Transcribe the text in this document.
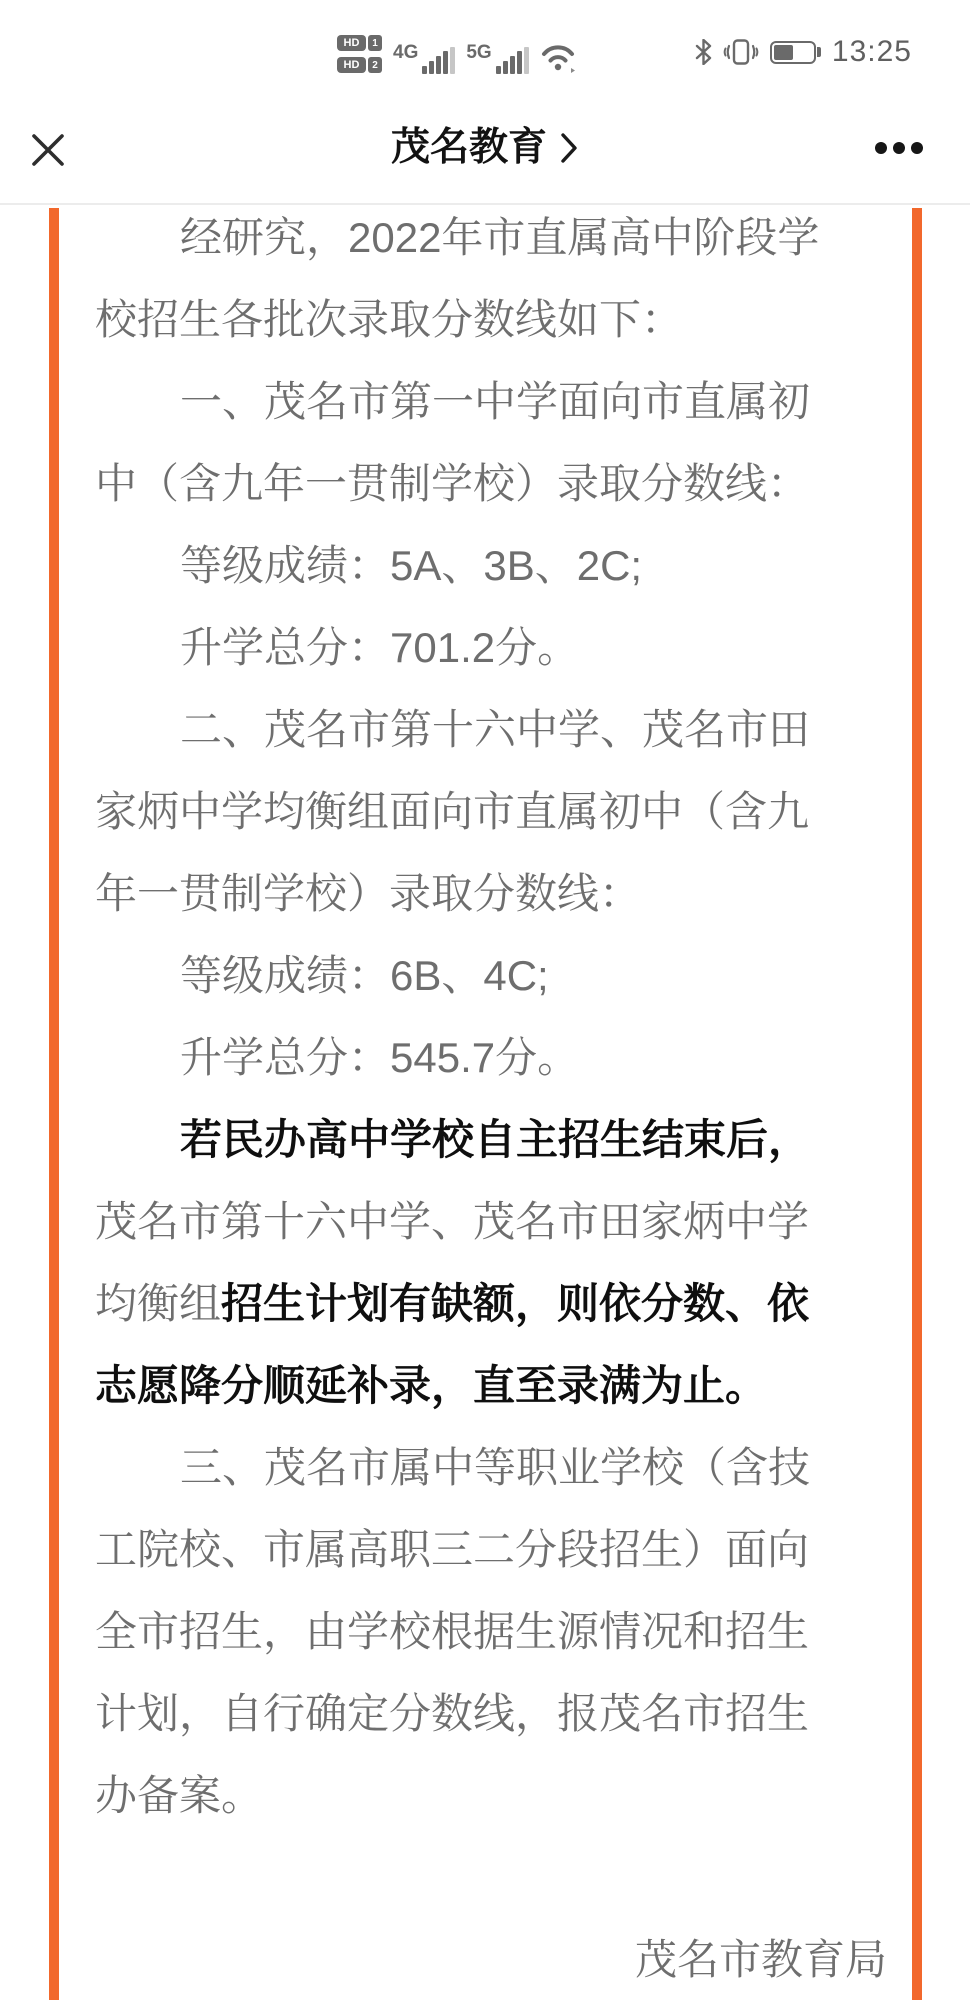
HD	1
HD	2
4G	5G	13:25
茂名教育
经研究，2022年市直属高中阶段学
校招生各批次录取分数线如下：
一、茂名市第一中学面向市直属初
中（含九年一贯制学校）录取分数线：
等级成绩：5A、3B、2C;
升学总分：701.2分。
二、茂名市第十六中学、茂名市田
家炳中学均衡组面向市直属初中（含九
年一贯制学校）录取分数线：
等级成绩：6B、4C;
升学总分：545.7分。
若民办高中学校自主招生结束后，
茂名市第十六中学、茂名市田家炳中学
均衡组招生计划有缺额，则依分数、依
志愿降分顺延补录，直至录满为止。
三、茂名市属中等职业学校（含技
工院校、市属高职三二分段招生）面向
全市招生，由学校根据生源情况和招生
计划，自行确定分数线，报茂名市招生
办备案。
茂名市教育局
